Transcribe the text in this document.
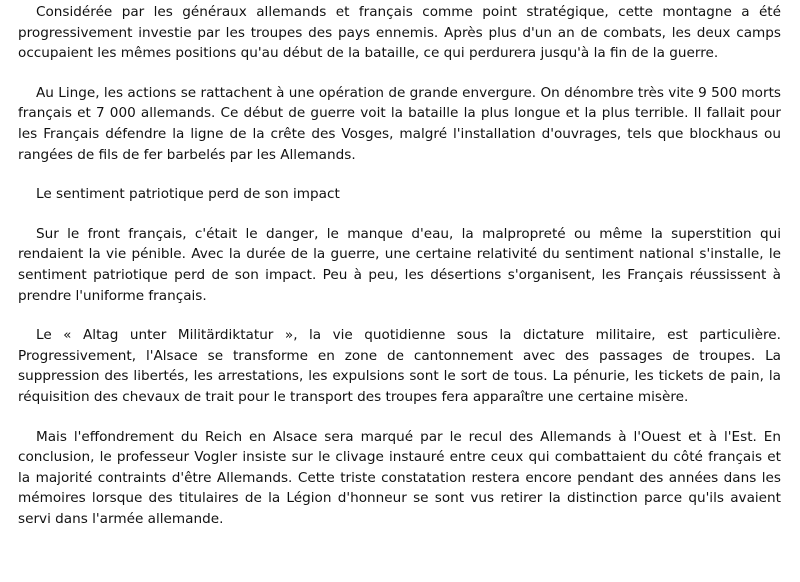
Considérée par les généraux allemands et français comme point stratégique, cette montagne a été progressivement investie par les troupes des pays ennemis. Après plus d'un an de combats, les deux camps occupaient les mêmes positions qu'au début de la bataille, ce qui perdurera jusqu'à la fin de la guerre.

Au Linge, les actions se rattachent à une opération de grande envergure. On dénombre très vite 9 500 morts français et 7 000 allemands. Ce début de guerre voit la bataille la plus longue et la plus terrible. Il fallait pour les Français défendre la ligne de la crête des Vosges, malgré l'installation d'ouvrages, tels que blockhaus ou rangées de fils de fer barbelés par les Allemands.

Le sentiment patriotique perd de son impact

Sur le front français, c'était le danger, le manque d'eau, la malpropreté ou même la superstition qui rendaient la vie pénible. Avec la durée de la guerre, une certaine relativité du sentiment national s'installe, le sentiment patriotique perd de son impact. Peu à peu, les désertions s'organisent, les Français réussissent à prendre l'uniforme français.

Le « Altag unter Militärdiktatur », la vie quotidienne sous la dictature militaire, est particulière. Progressivement, l'Alsace se transforme en zone de cantonnement avec des passages de troupes. La suppression des libertés, les arrestations, les expulsions sont le sort de tous. La pénurie, les tickets de pain, la réquisition des chevaux de trait pour le transport des troupes fera apparaître une certaine misère.

Mais l'effondrement du Reich en Alsace sera marqué par le recul des Allemands à l'Ouest et à l'Est. En conclusion, le professeur Vogler insiste sur le clivage instauré entre ceux qui combattaient du côté français et la majorité contraints d'être Allemands. Cette triste constatation restera encore pendant des années dans les mémoires lorsque des titulaires de la Légion d'honneur se sont vus retirer la distinction parce qu'ils avaient servi dans l'armée allemande.
